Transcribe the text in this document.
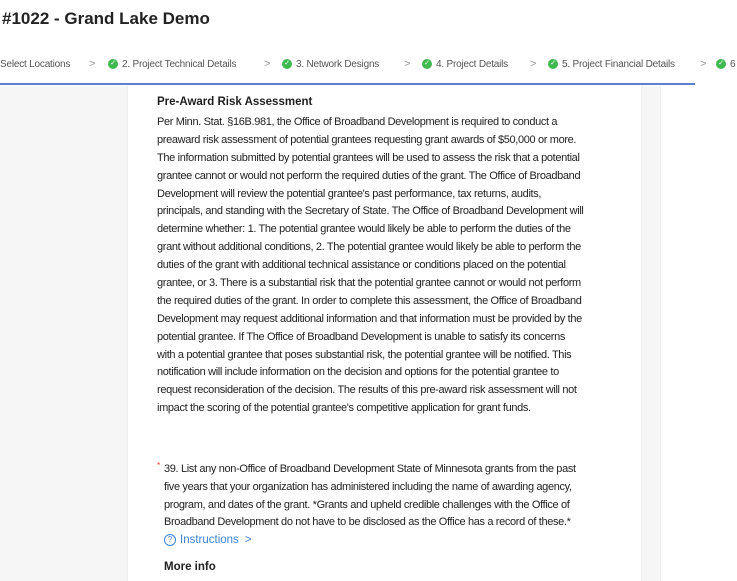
#1022 - Grand Lake Demo
Select Locations > ✓ 2. Project Technical Details	> ✓ 3. Network Designs > ✓ 4. Project Details > ✓ 5. Project Financial Details > ✓ 6
Pre-Award Risk Assessment
Per Minn. Stat. §16B.981, the Office of Broadband Development is required to conduct a
preaward risk assessment of potential grantees requesting grant awards of $50,000 or more.
The information submitted by potential grantees will be used to assess the risk that a potential
grantee cannot or would not perform the required duties of the grant. The Office of Broadband
Development will review the potential grantee's past performance, tax returns, audits,
principals, and standing with the Secretary of State. The Office of Broadband Development will
determine whether: 1. The potential grantee would likely be able to perform the duties of the
grant without additional conditions, 2. The potential grantee would likely be able to perform the
duties of the grant with additional technical assistance or conditions placed on the potential
grantee, or 3. There is a substantial risk that the potential grantee cannot or would not perform
the required duties of the grant. In order to complete this assessment, the Office of Broadband
Development may request additional information and that information must be provided by the
potential grantee. If The Office of Broadband Development is unable to satisfy its concerns
with a potential grantee that poses substantial risk, the potential grantee will be notified. This
notification will include information on the decision and options for the potential grantee to
request reconsideration of the decision. The results of this pre-award risk assessment will not
impact the scoring of the potential grantee's competitive application for grant funds.
* 39. List any non-Office of Broadband Development State of Minnesota grants from the past
five years that your organization has administered including the name of awarding agency,
program, and dates of the grant. *Grants and upheld credible challenges with the Office of
Broadband Development do not have to be disclosed as the Office has a record of these.*
? Instructions >
More info
